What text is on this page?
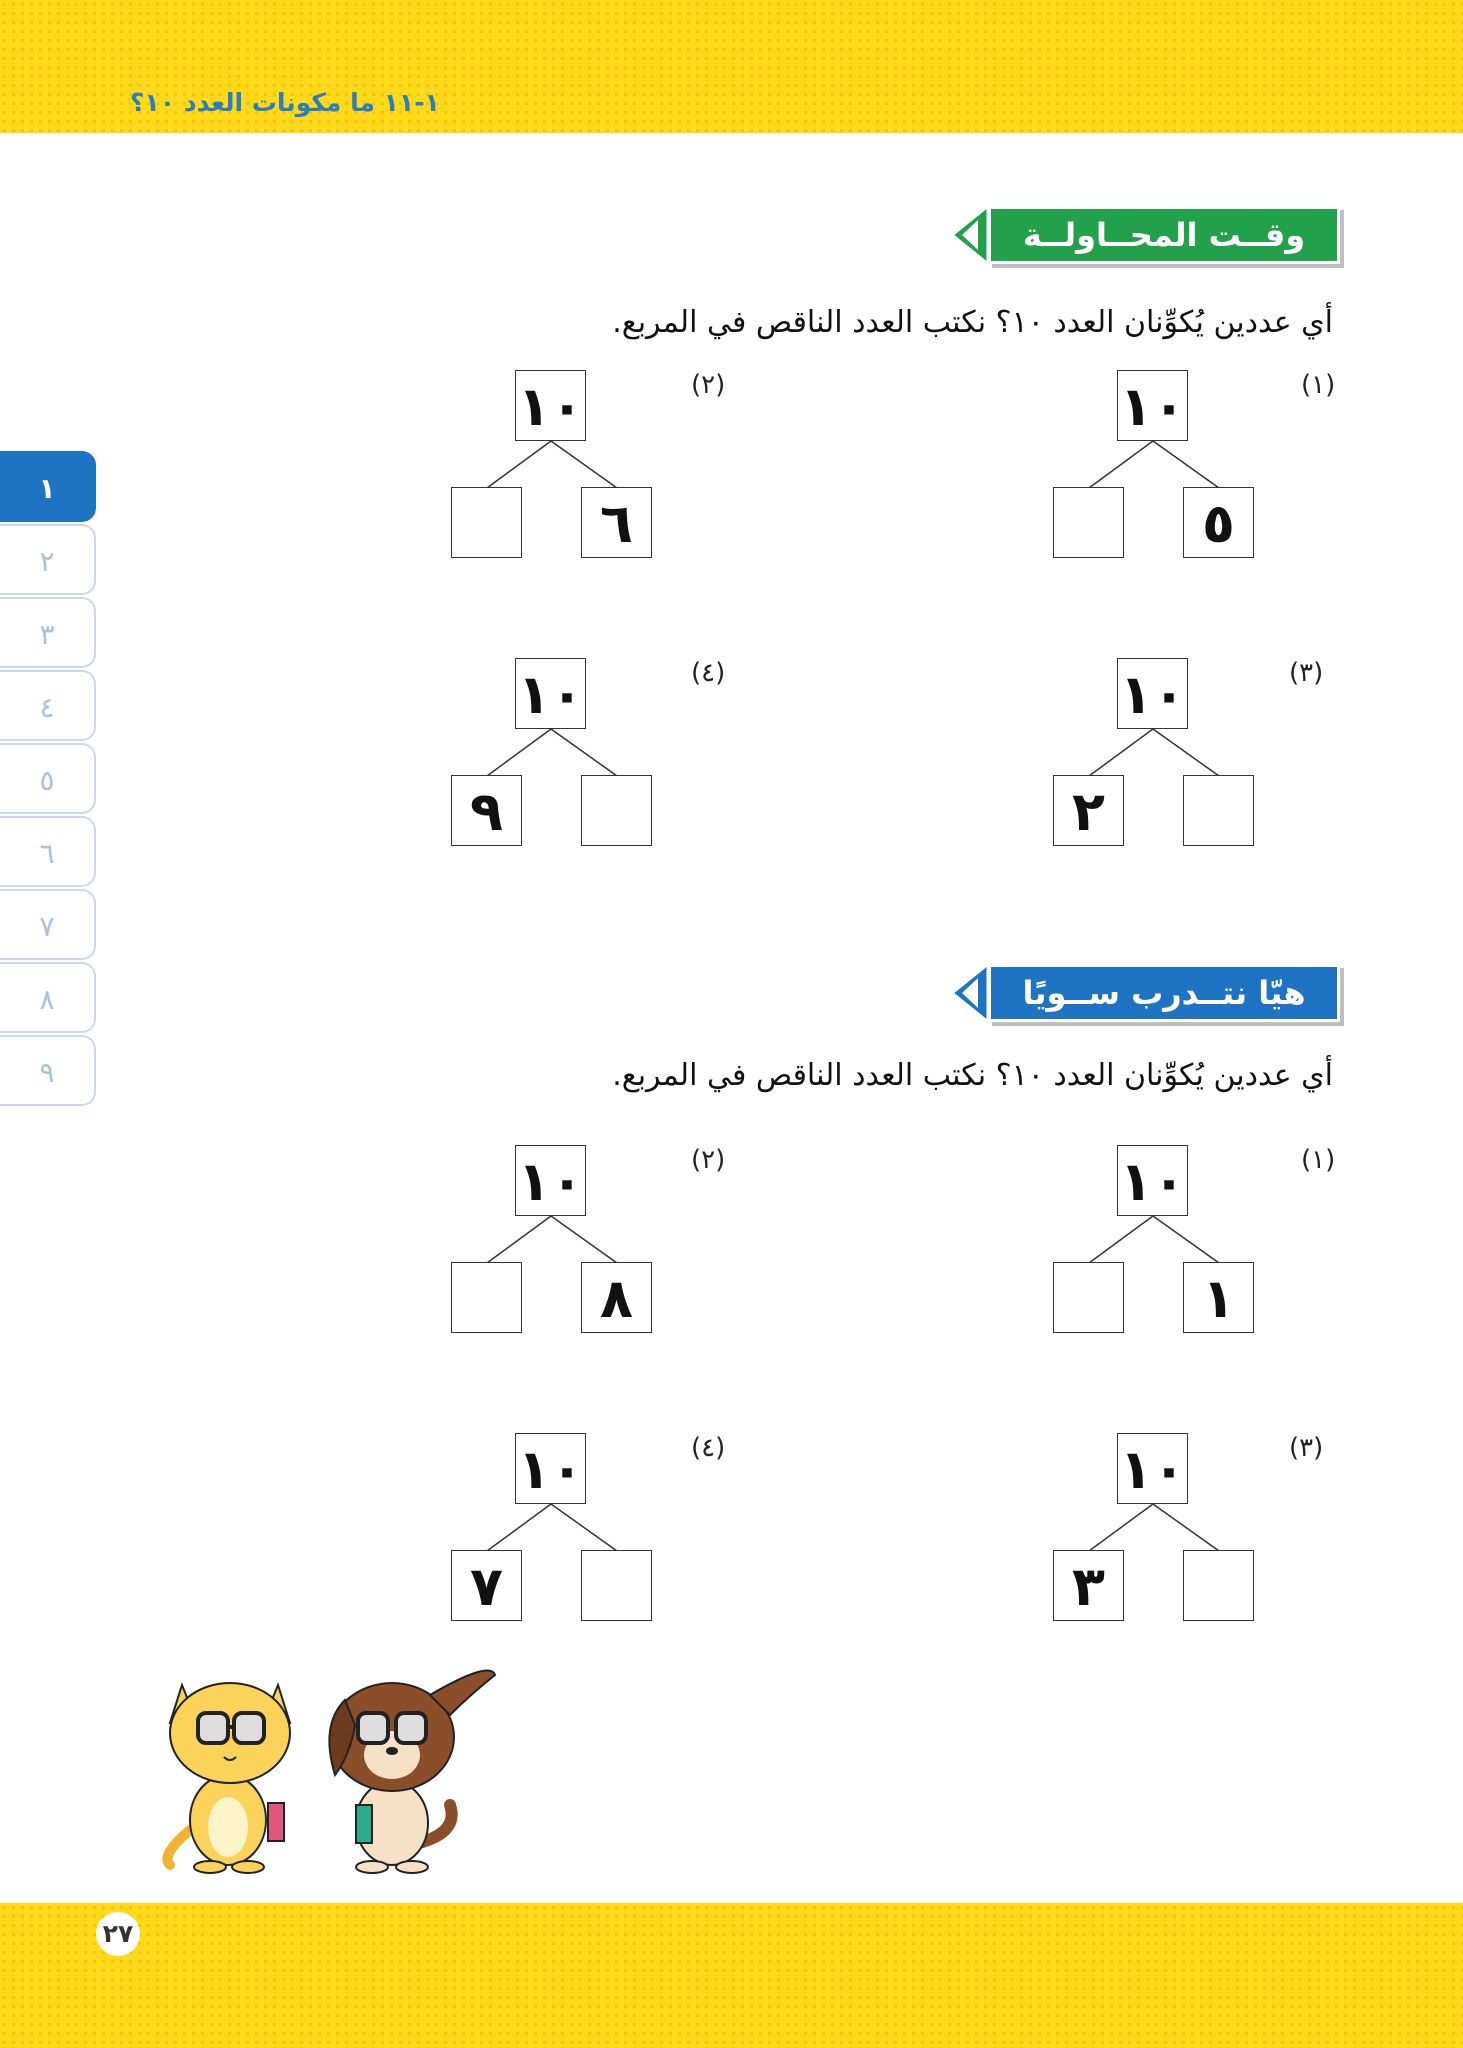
١-١١ ما مكونات العدد ١٠؟
١
٢
٣
٤
٥
٦
٧
٨
٩
وقــت المحــاولــة
أي عددين يُكوِّنان العدد ١٠؟ نكتب العدد الناقص في المربع.
(١)
١٠
٥
(٢)
١٠
٦
(٣)
١٠
٢
(٤)
١٠
٩
هيّا نتــدرب ســويًا
أي عددين يُكوِّنان العدد ١٠؟ نكتب العدد الناقص في المربع.
(١)
١٠
١
(٢)
١٠
٨
(٣)
١٠
٣
(٤)
١٠
٧
٢٧
